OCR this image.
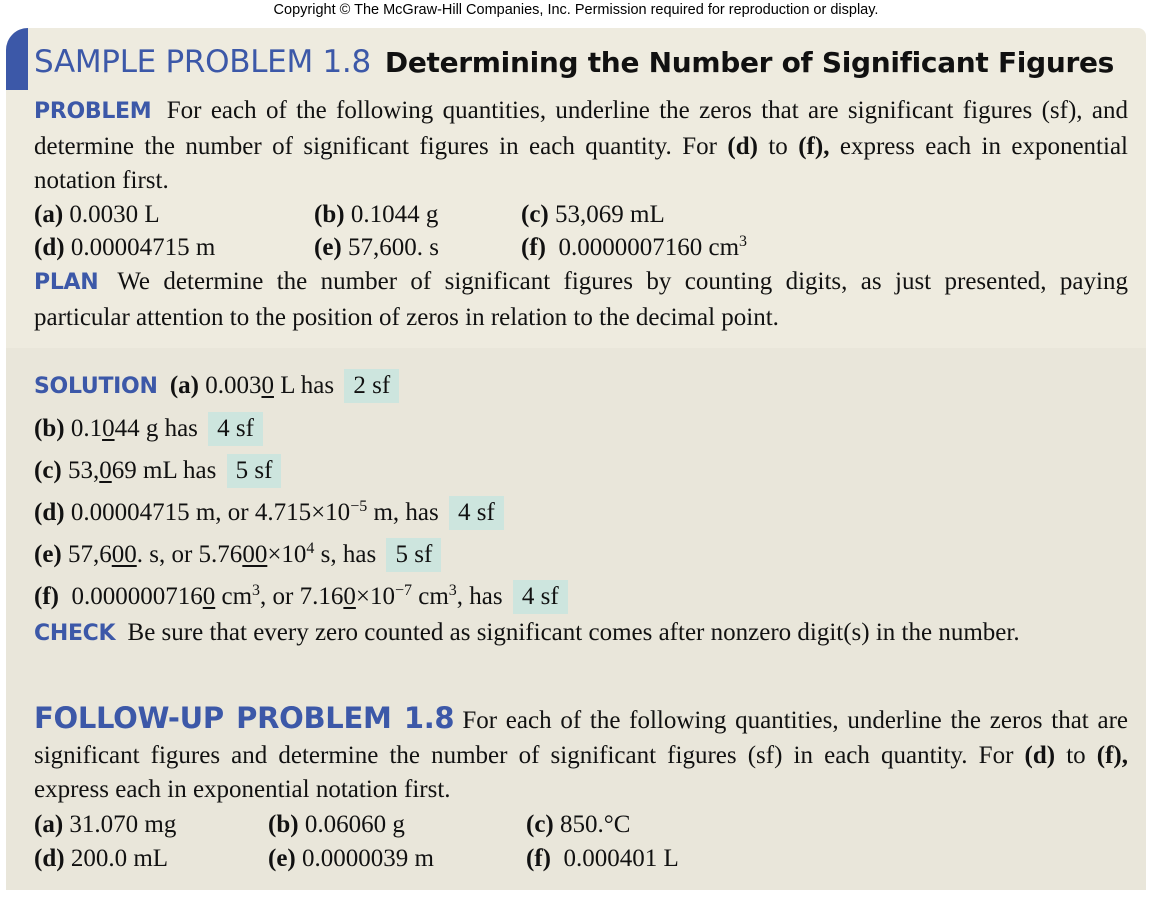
Copyright © The McGraw-Hill Companies, Inc. Permission required for reproduction or display.
SAMPLE PROBLEM 1.8 Determining the Number of Significant Figures
PROBLEM For each of the following quantities, underline the zeros that are significant figures (sf), and determine the number of significant figures in each quantity. For (d) to (f), express each in exponential notation first.
(a) 0.0030 L	(b) 0.1044 g	(c) 53,069 mL
(d) 0.00004715 m	(e) 57,600. s	(f) 0.0000007160 $cm^3$
PLAN We determine the number of significant figures by counting digits, as just presented, paying particular attention to the position of zeros in relation to the decimal point.
SOLUTION (a) 0.0030 L has 2 sf
(b) 0.1044 g has 4 sf
(c) 53,069 mL has 5 sf
(d) 0.00004715 m, or $4.715\times 10^{-5}$ m, has 4 sf
(e) 57,600. s, or $5.7600\times 10^4$ s, has 5 sf
(f) 0.0000007160 $cm^3$, or $7.160\times 10^{-7}$ $cm^3$, has 4 sf
CHECK Be sure that every zero counted as significant comes after nonzero digit(s) in the number.
FOLLOW-UP PROBLEM 1.8 For each of the following quantities, underline the zeros that are significant figures and determine the number of significant figures (sf) in each quantity. For (d) to (f), express each in exponential notation first.
(a) 31.070 mg	(b) 0.06060 g	(c) 850.°C
(d) 200.0 mL	(e) 0.0000039 m	(f) 0.000401 L
